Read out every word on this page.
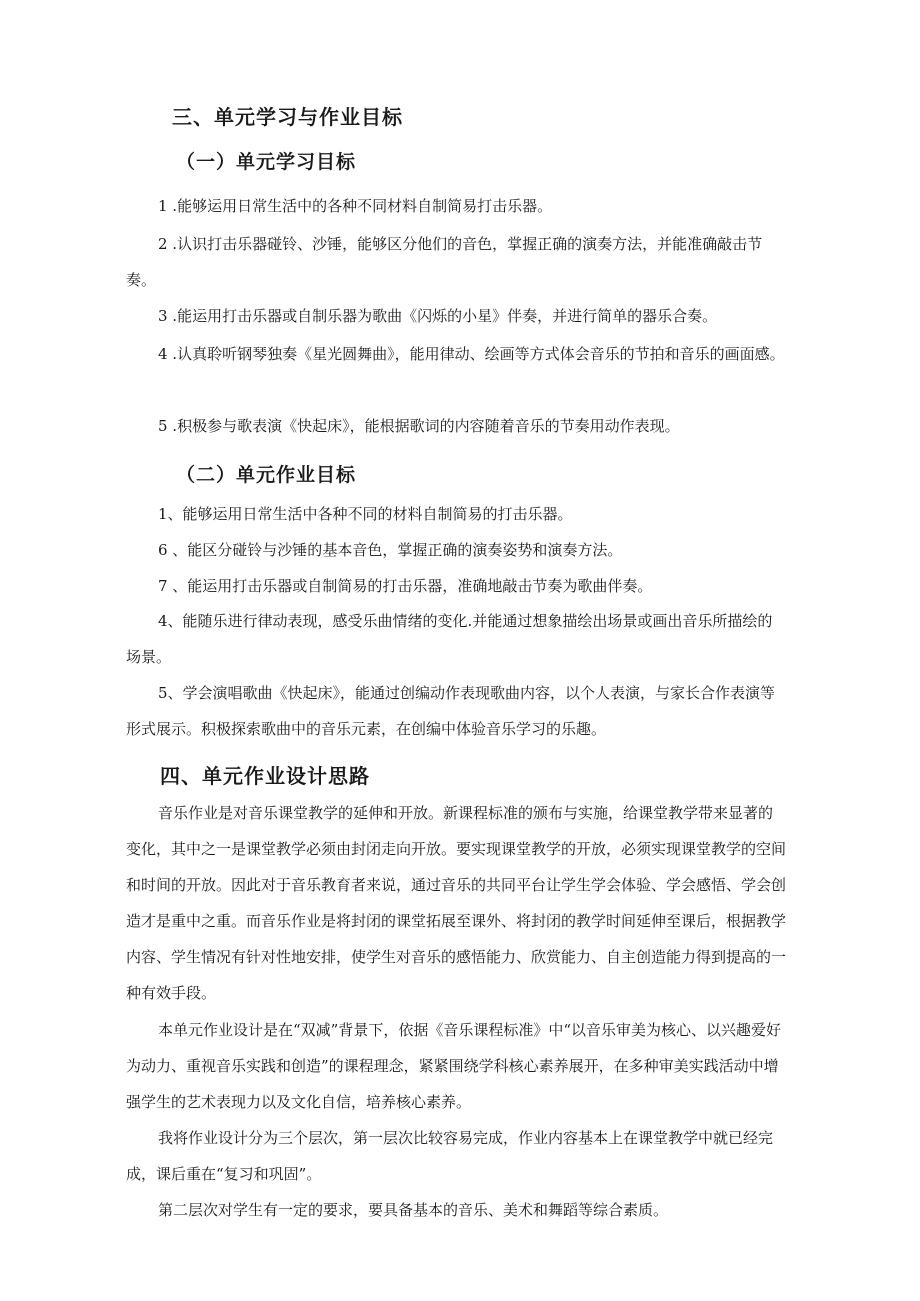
三、单元学习与作业目标
（一）单元学习目标

1 .能够运用日常生活中的各种不同材料自制简易打击乐器。

2 .认识打击乐器碰铃、沙锤，能够区分他们的音色，掌握正确的演奏方法，并能准确敲击节奏。

3 .能运用打击乐器或自制乐器为歌曲《闪烁的小星》伴奏，并进行简单的器乐合奏。

4 .认真聆听钢琴独奏《星光圆舞曲》，能用律动、绘画等方式体会音乐的节拍和音乐的画面感。

5 .积极参与歌表演《快起床》，能根据歌词的内容随着音乐的节奏用动作表现。

（二）单元作业目标

1、能够运用日常生活中各种不同的材料自制简易的打击乐器。

6 、能区分碰铃与沙锤的基本音色，掌握正确的演奏姿势和演奏方法。

7 、能运用打击乐器或自制简易的打击乐器，准确地敲击节奏为歌曲伴奏。

4、能随乐进行律动表现，感受乐曲情绪的变化.并能通过想象描绘出场景或画出音乐所描绘的场景。

5、学会演唱歌曲《快起床》，能通过创编动作表现歌曲内容，以个人表演，与家长合作表演等形式展示。积极探索歌曲中的音乐元素，在创编中体验音乐学习的乐趣。

四、单元作业设计思路

音乐作业是对音乐课堂教学的延伸和开放。新课程标准的颁布与实施，给课堂教学带来显著的变化，其中之一是课堂教学必须由封闭走向开放。要实现课堂教学的开放，必须实现课堂教学的空间和时间的开放。因此对于音乐教育者来说，通过音乐的共同平台让学生学会体验、学会感悟、学会创造才是重中之重。而音乐作业是将封闭的课堂拓展至课外、将封闭的教学时间延伸至课后，根据教学内容、学生情况有针对性地安排，使学生对音乐的感悟能力、欣赏能力、自主创造能力得到提高的一种有效手段。

本单元作业设计是在“双减”背景下，依据《音乐课程标准》中“以音乐审美为核心、以兴趣爱好为动力、重视音乐实践和创造”的课程理念，紧紧围绕学科核心素养展开，在多种审美实践活动中增强学生的艺术表现力以及文化自信，培养核心素养。

我将作业设计分为三个层次，第一层次比较容易完成，作业内容基本上在课堂教学中就已经完成，课后重在“复习和巩固”。

第二层次对学生有一定的要求，要具备基本的音乐、美术和舞蹈等综合素质。
